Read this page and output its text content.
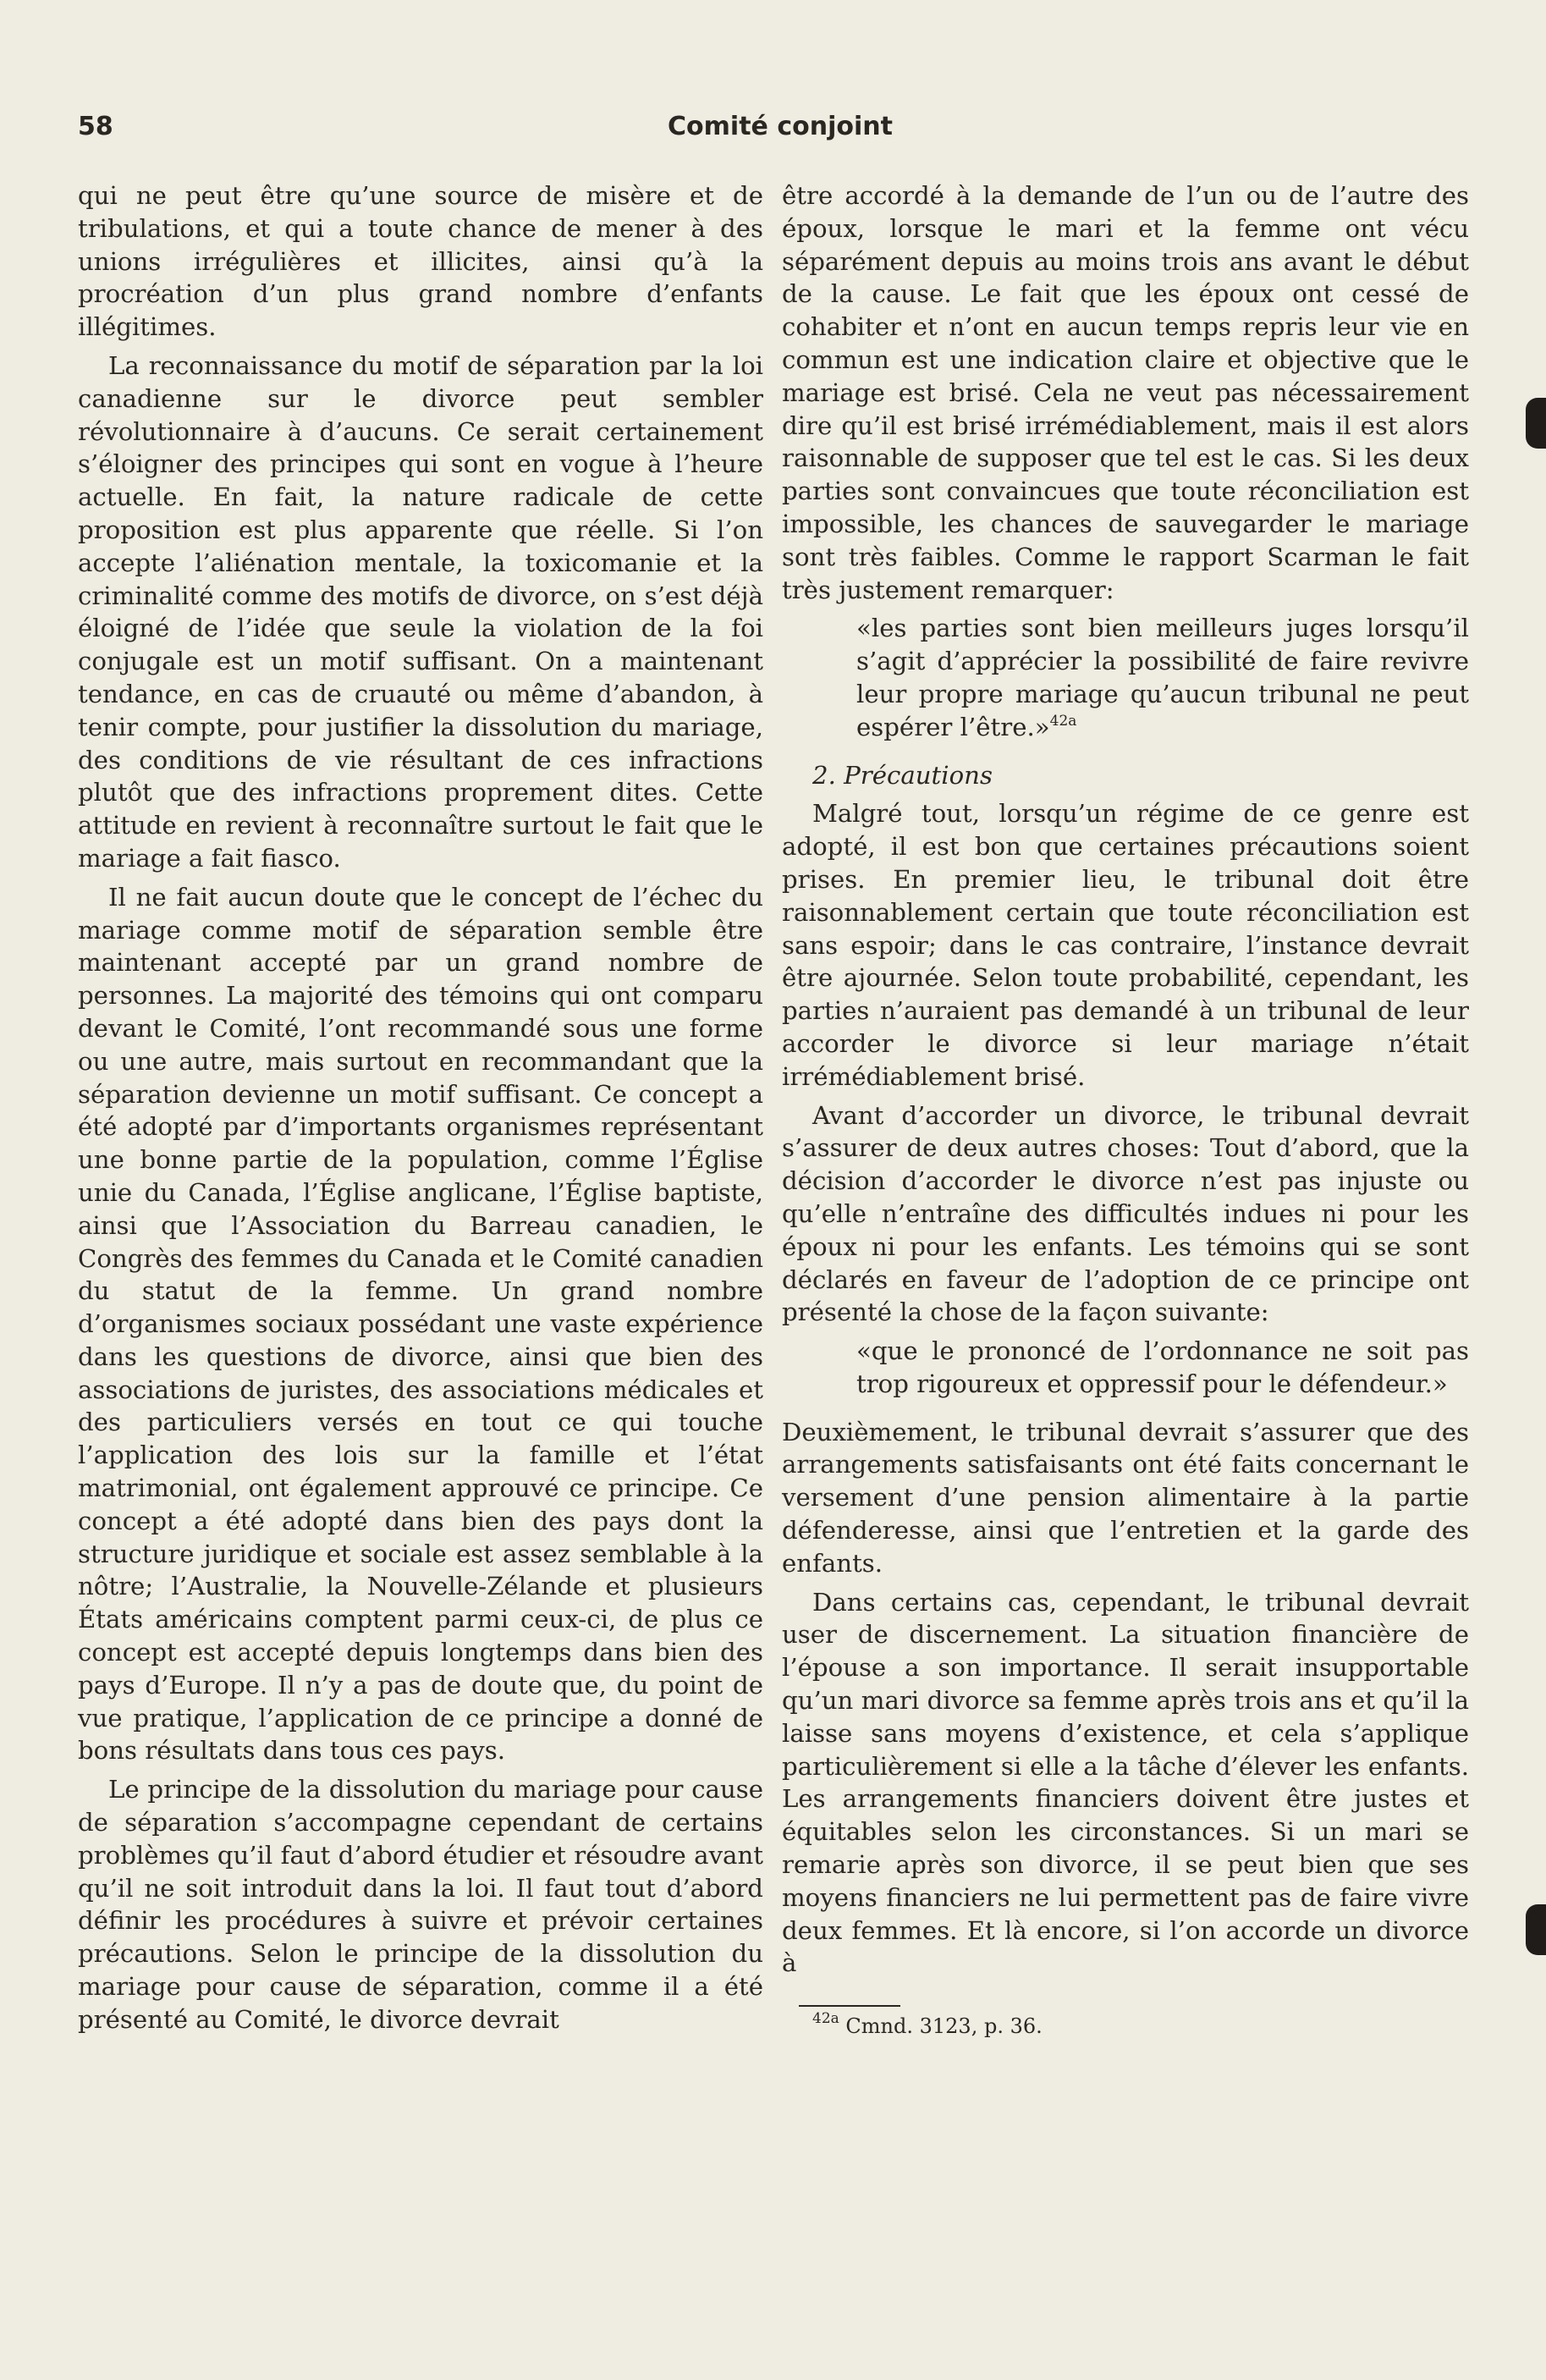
58	Comité conjoint

qui ne peut être qu’une source de misère et de tribulations, et qui a toute chance de mener à des unions irrégulières et illicites, ainsi qu’à la procréation d’un plus grand nombre d’enfants illégitimes.

La reconnaissance du motif de séparation par la loi canadienne sur le divorce peut sembler révolutionnaire à d’aucuns. Ce serait certainement s’éloigner des principes qui sont en vogue à l’heure actuelle. En fait, la nature radicale de cette proposition est plus apparente que réelle. Si l’on accepte l’aliénation mentale, la toxicomanie et la criminalité comme des motifs de divorce, on s’est déjà éloigné de l’idée que seule la violation de la foi conjugale est un motif suffisant. On a maintenant tendance, en cas de cruauté ou même d’abandon, à tenir compte, pour justifier la dissolution du mariage, des conditions de vie résultant de ces infractions plutôt que des infractions proprement dites. Cette attitude en revient à reconnaître surtout le fait que le mariage a fait fiasco.

Il ne fait aucun doute que le concept de l’échec du mariage comme motif de séparation semble être maintenant accepté par un grand nombre de personnes. La majorité des témoins qui ont comparu devant le Comité, l’ont recommandé sous une forme ou une autre, mais surtout en recommandant que la séparation devienne un motif suffisant. Ce concept a été adopté par d’importants organismes représentant une bonne partie de la population, comme l’Église unie du Canada, l’Église anglicane, l’Église baptiste, ainsi que l’Association du Barreau canadien, le Congrès des femmes du Canada et le Comité canadien du statut de la femme. Un grand nombre d’organismes sociaux possédant une vaste expérience dans les questions de divorce, ainsi que bien des associations de juristes, des associations médicales et des particuliers versés en tout ce qui touche l’application des lois sur la famille et l’état matrimonial, ont également approuvé ce principe. Ce concept a été adopté dans bien des pays dont la structure juridique et sociale est assez semblable à la nôtre; l’Australie, la Nouvelle-Zélande et plusieurs États américains comptent parmi ceux-ci, de plus ce concept est accepté depuis longtemps dans bien des pays d’Europe. Il n’y a pas de doute que, du point de vue pratique, l’application de ce principe a donné de bons résultats dans tous ces pays.

Le principe de la dissolution du mariage pour cause de séparation s’accompagne cependant de certains problèmes qu’il faut d’abord étudier et résoudre avant qu’il ne soit introduit dans la loi. Il faut tout d’abord définir les procédures à suivre et prévoir certaines précautions. Selon le principe de la dissolution du mariage pour cause de séparation, comme il a été présenté au Comité, le divorce devrait

être accordé à la demande de l’un ou de l’autre des époux, lorsque le mari et la femme ont vécu séparément depuis au moins trois ans avant le début de la cause. Le fait que les époux ont cessé de cohabiter et n’ont en aucun temps repris leur vie en commun est une indication claire et objective que le mariage est brisé. Cela ne veut pas nécessairement dire qu’il est brisé irrémédiablement, mais il est alors raisonnable de supposer que tel est le cas. Si les deux parties sont convaincues que toute réconciliation est impossible, les chances de sauvegarder le mariage sont très faibles. Comme le rapport Scarman le fait très justement remarquer:

«les parties sont bien meilleurs juges lorsqu’il s’agit d’apprécier la possibilité de faire revivre leur propre mariage qu’aucun tribunal ne peut espérer l’être.»$^{42a}$

2. Précautions

Malgré tout, lorsqu’un régime de ce genre est adopté, il est bon que certaines précautions soient prises. En premier lieu, le tribunal doit être raisonnablement certain que toute réconciliation est sans espoir; dans le cas contraire, l’instance devrait être ajournée. Selon toute probabilité, cependant, les parties n’auraient pas demandé à un tribunal de leur accorder le divorce si leur mariage n’était irrémédiablement brisé.

Avant d’accorder un divorce, le tribunal devrait s’assurer de deux autres choses: Tout d’abord, que la décision d’accorder le divorce n’est pas injuste ou qu’elle n’entraîne des difficultés indues ni pour les époux ni pour les enfants. Les témoins qui se sont déclarés en faveur de l’adoption de ce principe ont présenté la chose de la façon suivante:

«que le prononcé de l’ordonnance ne soit pas trop rigoureux et oppressif pour le défendeur.»

Deuxièmement, le tribunal devrait s’assurer que des arrangements satisfaisants ont été faits concernant le versement d’une pension alimentaire à la partie défenderesse, ainsi que l’entretien et la garde des enfants.

Dans certains cas, cependant, le tribunal devrait user de discernement. La situation financière de l’épouse a son importance. Il serait insupportable qu’un mari divorce sa femme après trois ans et qu’il la laisse sans moyens d’existence, et cela s’applique particulièrement si elle a la tâche d’élever les enfants. Les arrangements financiers doivent être justes et équitables selon les circonstances. Si un mari se remarie après son divorce, il se peut bien que ses moyens financiers ne lui permettent pas de faire vivre deux femmes. Et là encore, si l’on accorde un divorce à

$^{42a}$ Cmnd. 3123, p. 36.
